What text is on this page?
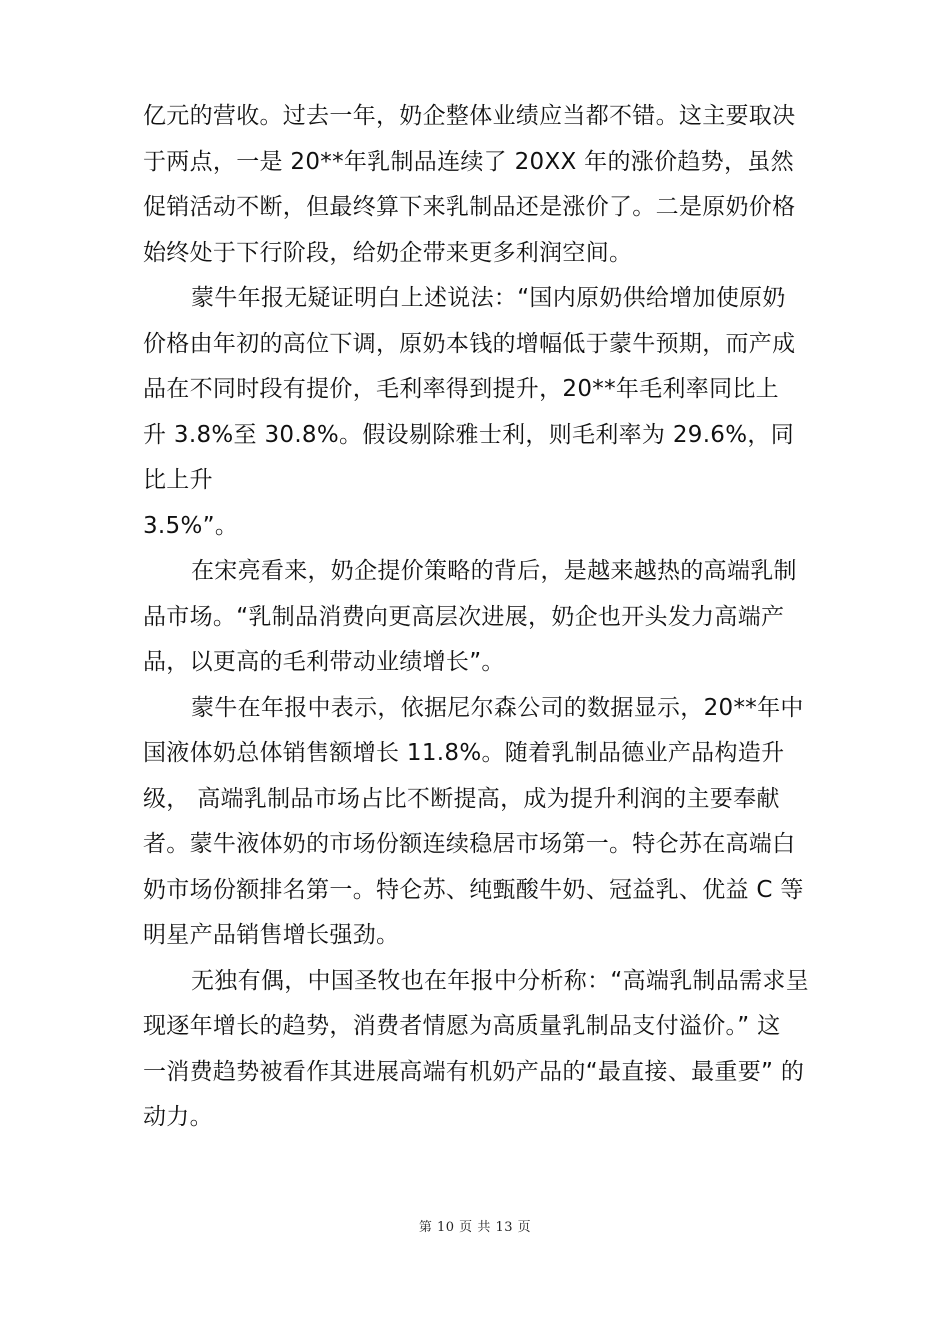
亿元的营收。过去一年，奶企整体业绩应当都不错。这主要取决
于两点，一是 20**年乳制品连续了 20XX 年的涨价趋势，虽然
促销活动不断，但最终算下来乳制品还是涨价了。二是原奶价格
始终处于下行阶段，给奶企带来更多利润空间。
蒙牛年报无疑证明白上述说法：“国内原奶供给增加使原奶
价格由年初的高位下调，原奶本钱的增幅低于蒙牛预期，而产成
品在不同时段有提价，毛利率得到提升，20**年毛利率同比上
升 3.8%至 30.8%。假设剔除雅士利，则毛利率为 29.6%，同
比上升
3.5%”。
在宋亮看来，奶企提价策略的背后，是越来越热的高端乳制
品市场。“乳制品消费向更高层次进展，奶企也开头发力高端产
品，以更高的毛利带动业绩增长”。
蒙牛在年报中表示，依据尼尔森公司的数据显示，20**年中
国液体奶总体销售额增长 11.8%。随着乳制品德业产品构造升
级， 高端乳制品市场占比不断提高，成为提升利润的主要奉献
者。蒙牛液体奶的市场份额连续稳居市场第一。特仑苏在高端白
奶市场份额排名第一。特仑苏、纯甄酸牛奶、冠益乳、优益 C 等
明星产品销售增长强劲。
无独有偶，中国圣牧也在年报中分析称：“高端乳制品需求呈
现逐年增长的趋势，消费者情愿为高质量乳制品支付溢价。” 这
一消费趋势被看作其进展高端有机奶产品的“最直接、最重要” 的
动力。
第 10 页 共 13 页
